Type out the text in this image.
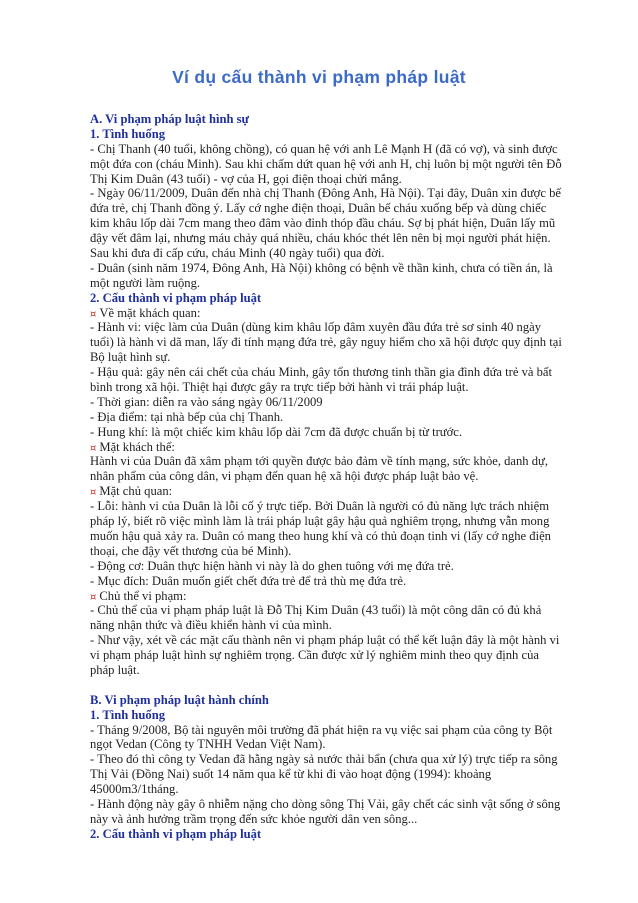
Ví dụ cấu thành vi phạm pháp luật
A. Vi phạm pháp luật hình sự
1. Tình huống
- Chị Thanh (40 tuổi, không chồng), có quan hệ với anh Lê Mạnh H (đã có vợ), và sinh được
một đứa con (cháu Minh). Sau khi chấm dứt quan hệ với anh H, chị luôn bị một người tên Đỗ
Thị Kim Duân (43 tuổi) - vợ của H, gọi điện thoại chửi mắng.
- Ngày 06/11/2009, Duân đến nhà chị Thanh (Đông Anh, Hà Nội). Tại đây, Duân xin được bế
đứa trẻ, chị Thanh đồng ý. Lấy cớ nghe điện thoại, Duân bế cháu xuống bếp và dùng chiếc
kim khâu lốp dài 7cm mang theo đâm vào đỉnh thóp đầu cháu. Sợ bị phát hiện, Duân lấy mũ
đậy vết đâm lại, nhưng máu chảy quá nhiều, cháu khóc thét lên nên bị mọi người phát hiện.
Sau khi đưa đi cấp cứu, cháu Minh (40 ngày tuổi) qua đời.
- Duân (sinh năm 1974, Đông Anh, Hà Nội) không có bệnh về thần kinh, chưa có tiền án, là
một người làm ruộng.
2. Cấu thành vi phạm pháp luật
¤ Về mặt khách quan:
- Hành vi: việc làm của Duân (dùng kim khâu lốp đâm xuyên đầu đứa trẻ sơ sinh 40 ngày
tuổi) là hành vi dã man, lấy đi tính mạng đứa trẻ, gây nguy hiểm cho xã hội được quy định tại
Bộ luật hình sự.
- Hậu quả: gây nên cái chết của cháu Minh, gây tổn thương tinh thần gia đình đứa trẻ và bất
bình trong xã hội. Thiệt hại được gây ra trực tiếp bởi hành vi trái pháp luật.
- Thời gian: diễn ra vào sáng ngày 06/11/2009
- Địa điểm: tại nhà bếp của chị Thanh.
- Hung khí: là một chiếc kim khâu lốp dài 7cm đã được chuẩn bị từ trước.
¤ Mặt khách thể:
Hành vi của Duân đã xâm phạm tới quyền được bảo đảm về tính mạng, sức khỏe, danh dự,
nhân phẩm của công dân, vi phạm đến quan hệ xã hội được pháp luật bảo vệ.
¤ Mặt chủ quan:
- Lỗi: hành vi của Duân là lỗi cố ý trực tiếp. Bởi Duân là người có đủ năng lực trách nhiệm
pháp lý, biết rõ việc mình làm là trái pháp luật gây hậu quả nghiêm trọng, nhưng vẫn mong
muốn hậu quả xảy ra. Duân có mang theo hung khí và có thủ đoạn tinh vi (lấy cớ nghe điện
thoại, che đậy vết thương của bé Minh).
- Động cơ: Duân thực hiện hành vi này là do ghen tuông với mẹ đứa trẻ.
- Mục đích: Duân muốn giết chết đứa trẻ để trả thù mẹ đứa trẻ.
¤ Chủ thể vi phạm:
- Chủ thể của vi phạm pháp luật là Đỗ Thị Kim Duân (43 tuổi) là một công dân có đủ khả
năng nhận thức và điều khiển hành vi của mình.
- Như vậy, xét về các mặt cấu thành nên vi phạm pháp luật có thể kết luận đây là một hành vi
vi phạm pháp luật hình sự nghiêm trọng. Cần được xử lý nghiêm minh theo quy định của
pháp luật.
B. Vi phạm pháp luật hành chính
1. Tình huống
- Tháng 9/2008, Bộ tài nguyên môi trường đã phát hiện ra vụ việc sai phạm của công ty Bột
ngọt Vedan (Công ty TNHH Vedan Việt Nam).
- Theo đó thì công ty Vedan đã hằng ngày sả nước thải bẩn (chưa qua xử lý) trực tiếp ra sông
Thị Vải (Đồng Nai) suốt 14 năm qua kể từ khi đi vào hoạt động (1994): khoảng
45000m3/1tháng.
- Hành động này gây ô nhiễm nặng cho dòng sông Thị Vải, gây chết các sinh vật sống ở sông
này và ảnh hưởng trầm trọng đến sức khỏe người dân ven sông...
2. Cấu thành vi phạm pháp luật
